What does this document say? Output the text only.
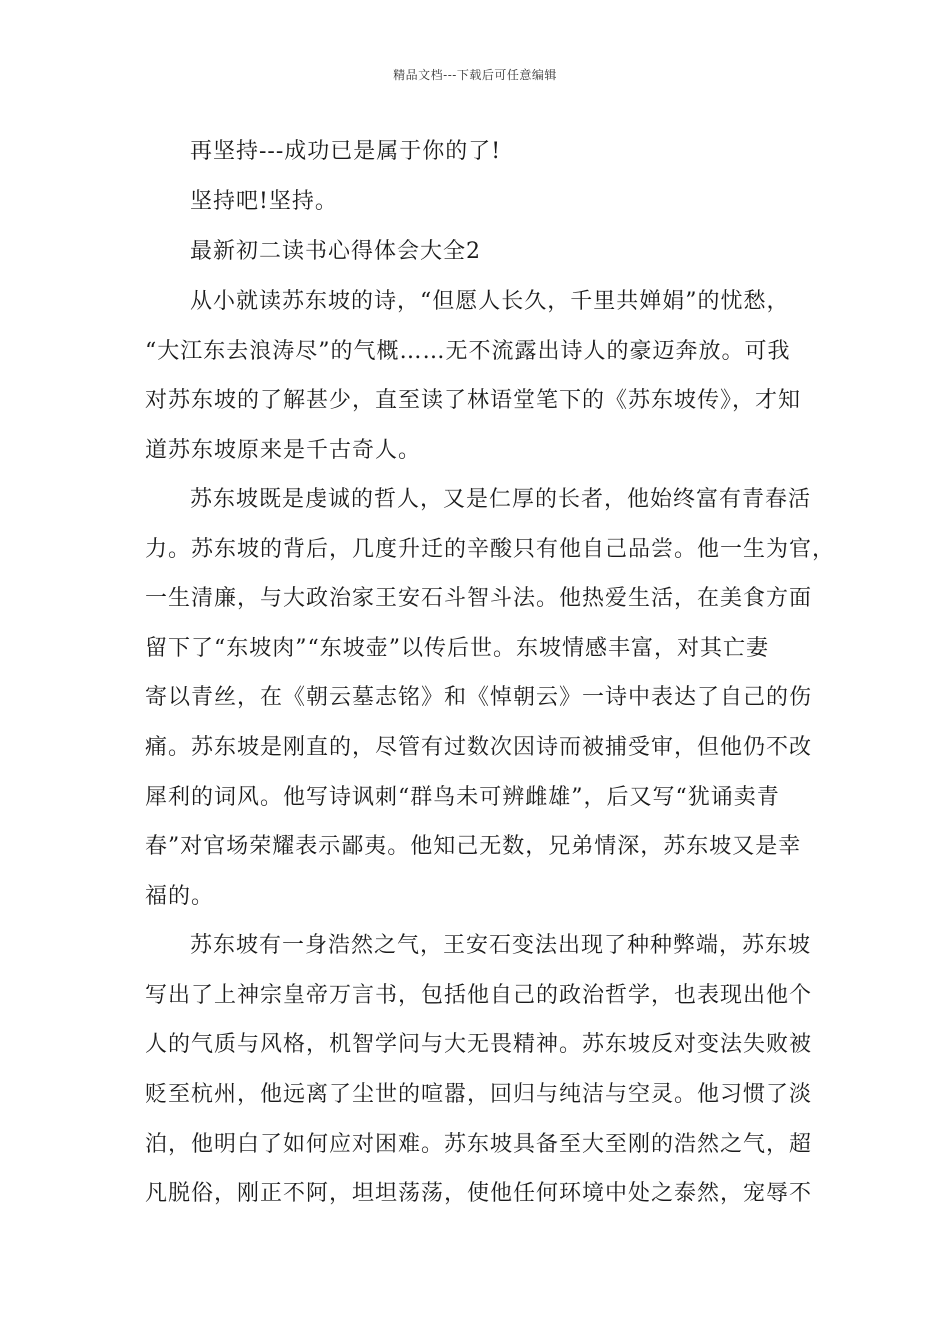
精品文档---下载后可任意编辑
再坚持---成功已是属于你的了!
坚持吧!坚持。
最新初二读书心得体会大全2
从小就读苏东坡的诗，“但愿人长久，千里共婵娟”的忧愁，
“大江东去浪涛尽”的气概……无不流露出诗人的豪迈奔放。可我
对苏东坡的了解甚少，直至读了林语堂笔下的《苏东坡传》，才知
道苏东坡原来是千古奇人。
苏东坡既是虔诚的哲人，又是仁厚的长者，他始终富有青春活
力。苏东坡的背后，几度升迁的辛酸只有他自己品尝。他一生为官，
一生清廉，与大政治家王安石斗智斗法。他热爱生活，在美食方面
留下了“东坡肉”“东坡壶”以传后世。东坡情感丰富，对其亡妻
寄以青丝，在《朝云墓志铭》和《悼朝云》一诗中表达了自己的伤
痛。苏东坡是刚直的，尽管有过数次因诗而被捕受审，但他仍不改
犀利的词风。他写诗讽刺“群鸟未可辨雌雄”，后又写“犹诵卖青
春”对官场荣耀表示鄙夷。他知己无数，兄弟情深，苏东坡又是幸
福的。
苏东坡有一身浩然之气，王安石变法出现了种种弊端，苏东坡
写出了上神宗皇帝万言书，包括他自己的政治哲学，也表现出他个
人的气质与风格，机智学问与大无畏精神。苏东坡反对变法失败被
贬至杭州，他远离了尘世的喧嚣，回归与纯洁与空灵。他习惯了淡
泊，他明白了如何应对困难。苏东坡具备至大至刚的浩然之气，超
凡脱俗，刚正不阿，坦坦荡荡，使他任何环境中处之泰然，宠辱不
